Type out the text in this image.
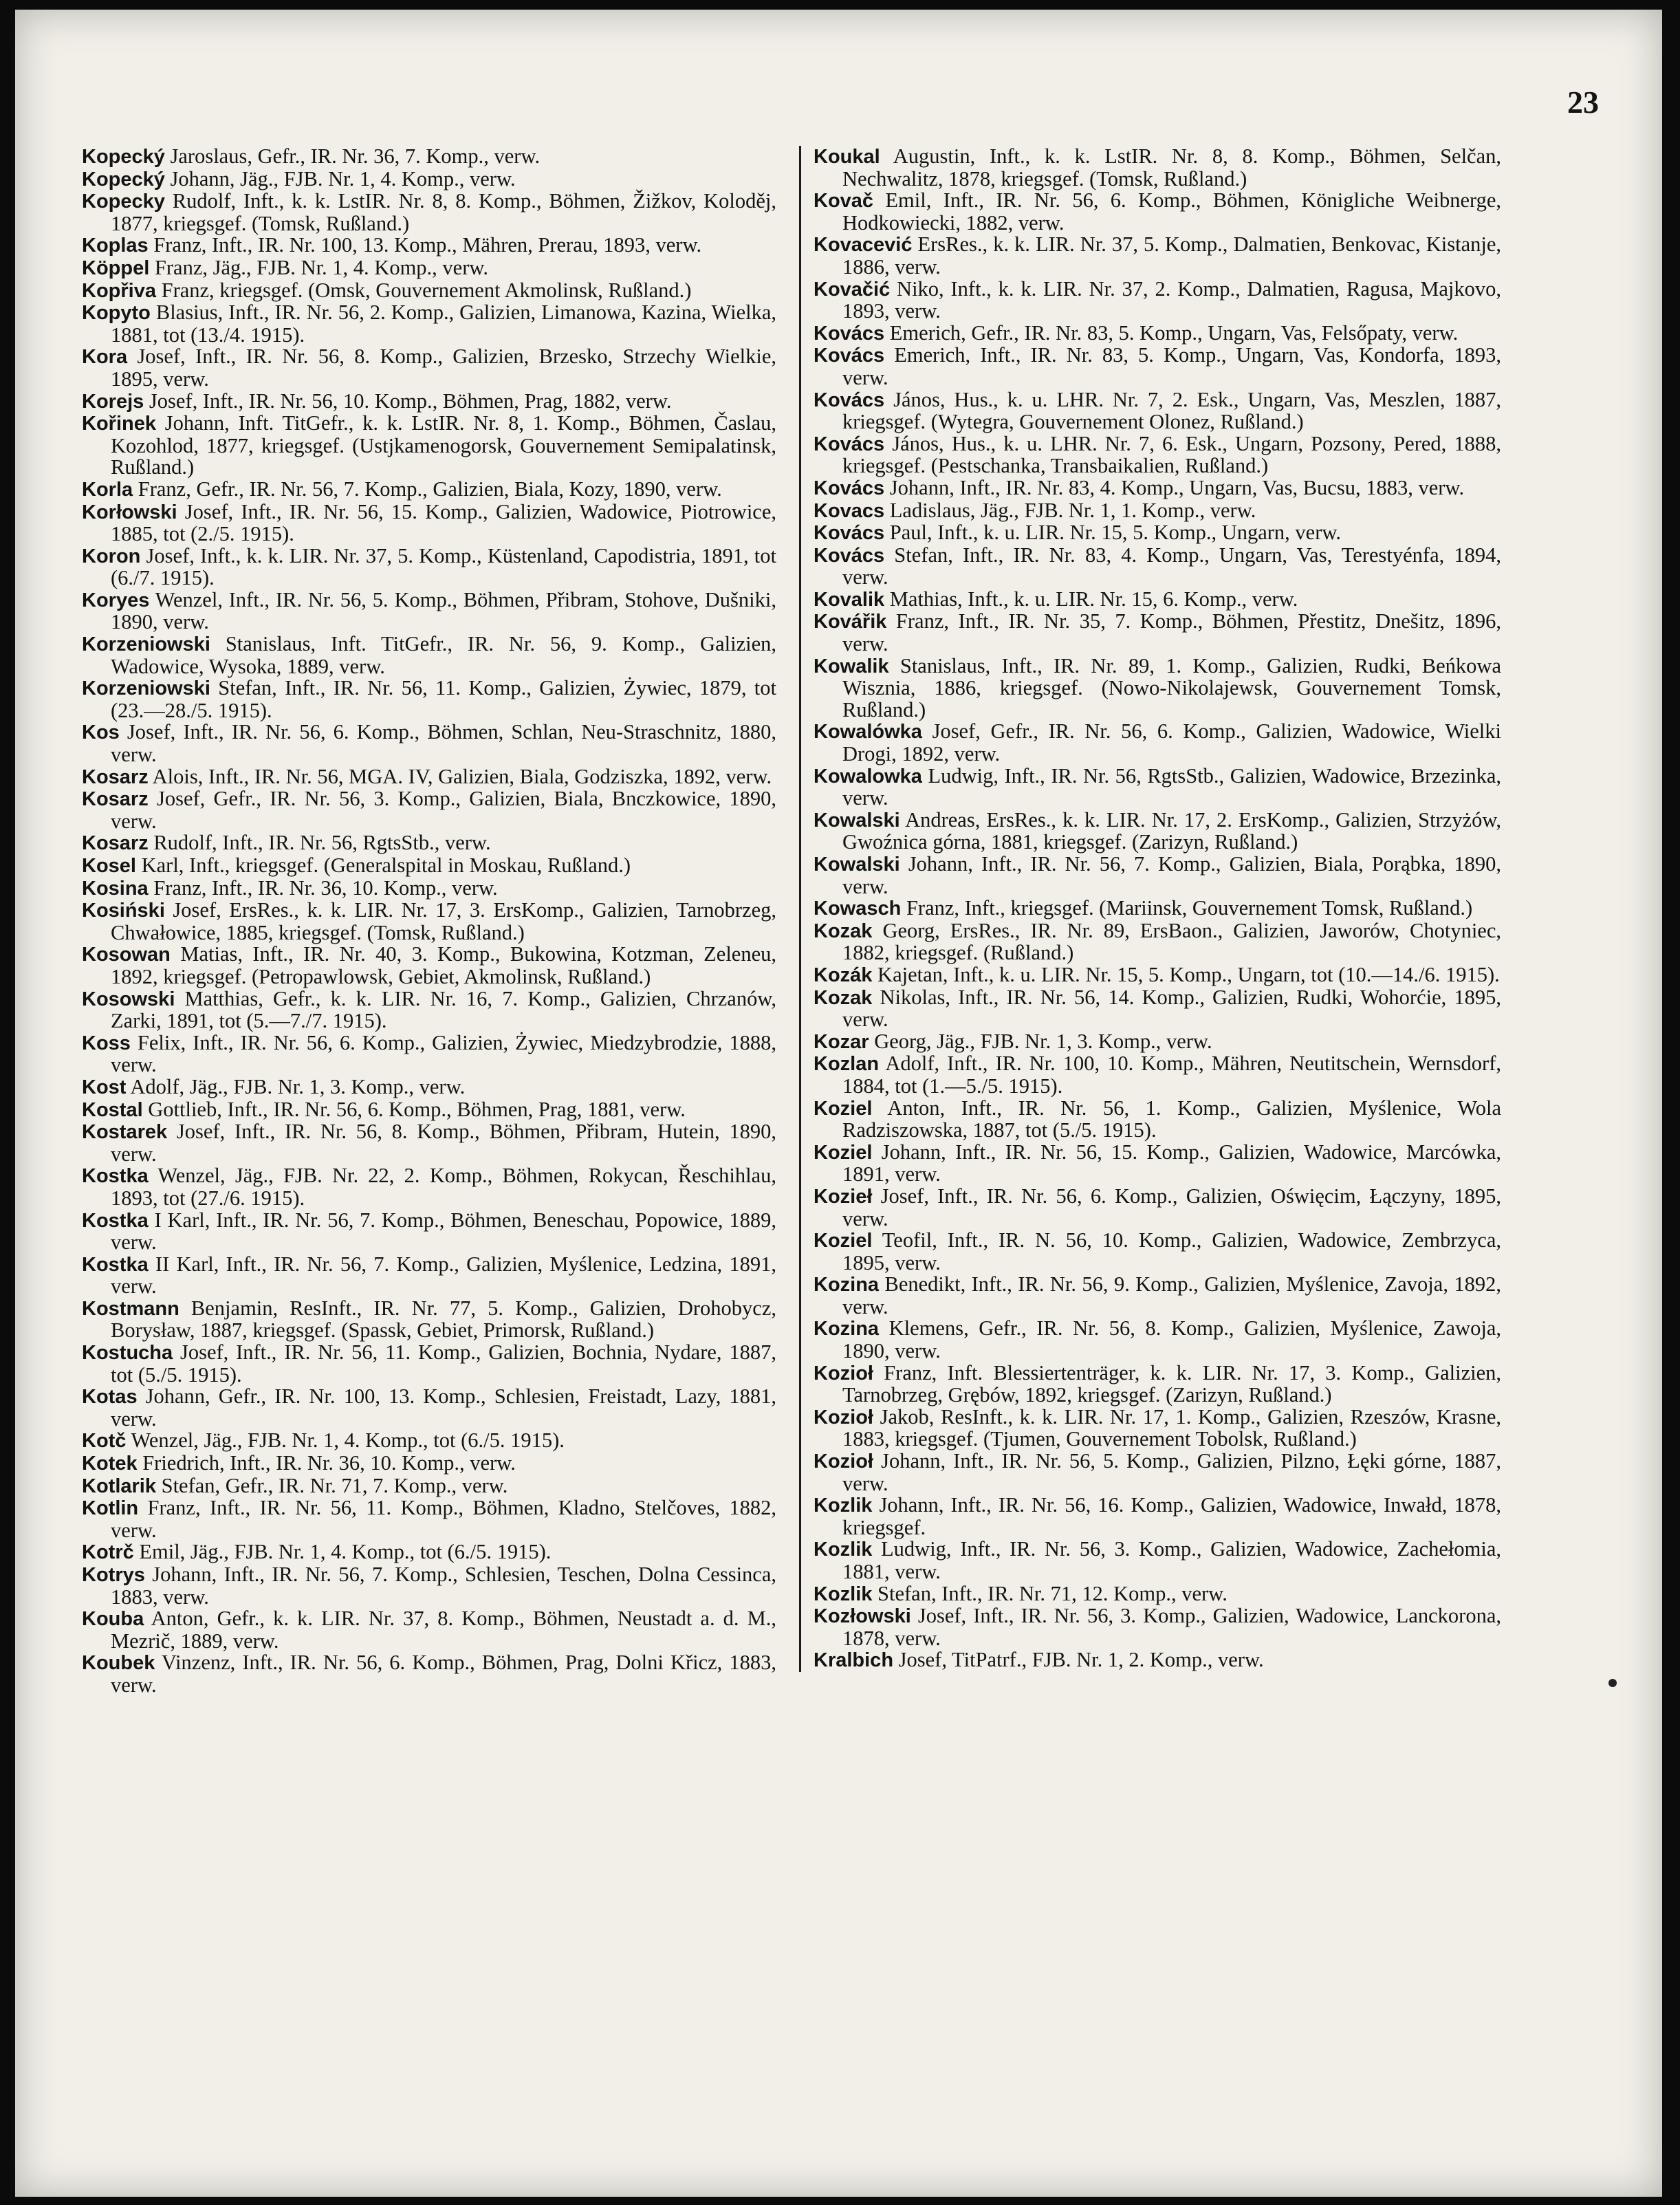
23

Kopecký Jaroslaus, Gefr., IR. Nr. 36, 7. Komp., verw.

Kopecký Johann, Jäg., FJB. Nr. 1, 4. Komp., verw.

Kopecky Rudolf, Inft., k. k. LstIR. Nr. 8, 8. Komp., Böhmen, Žižkov, Koloděj, 1877, kriegsgef. (Tomsk, Rußland.)

Koplas Franz, Inft., IR. Nr. 100, 13. Komp., Mähren, Prerau, 1893, verw.

Köppel Franz, Jäg., FJB. Nr. 1, 4. Komp., verw.

Kopřiva Franz, kriegsgef. (Omsk, Gouvernement Akmolinsk, Rußland.)

Kopyto Blasius, Inft., IR. Nr. 56, 2. Komp., Galizien, Limanowa, Kazina, Wielka, 1881, tot (13./4. 1915).

Kora Josef, Inft., IR. Nr. 56, 8. Komp., Galizien, Brzesko, Strzechy Wielkie, 1895, verw.

Korejs Josef, Inft., IR. Nr. 56, 10. Komp., Böhmen, Prag, 1882, verw.

Kořinek Johann, Inft. TitGefr., k. k. LstIR. Nr. 8, 1. Komp., Böhmen, Časlau, Kozohlod, 1877, kriegsgef. (Ustjkamenogorsk, Gouvernement Semipalatinsk, Rußland.)

Korla Franz, Gefr., IR. Nr. 56, 7. Komp., Galizien, Biala, Kozy, 1890, verw.

Korłowski Josef, Inft., IR. Nr. 56, 15. Komp., Galizien, Wadowice, Piotrowice, 1885, tot (2./5. 1915).

Koron Josef, Inft., k. k. LIR. Nr. 37, 5. Komp., Küstenland, Capodistria, 1891, tot (6./7. 1915).

Koryes Wenzel, Inft., IR. Nr. 56, 5. Komp., Böhmen, Přibram, Stohove, Dušniki, 1890, verw.

Korzeniowski Stanislaus, Inft. TitGefr., IR. Nr. 56, 9. Komp., Galizien, Wadowice, Wysoka, 1889, verw.

Korzeniowski Stefan, Inft., IR. Nr. 56, 11. Komp., Galizien, Żywiec, 1879, tot (23.—28./5. 1915).

Kos Josef, Inft., IR. Nr. 56, 6. Komp., Böhmen, Schlan, Neu-Straschnitz, 1880, verw.

Kosarz Alois, Inft., IR. Nr. 56, MGA. IV, Galizien, Biala, Godziszka, 1892, verw.

Kosarz Josef, Gefr., IR. Nr. 56, 3. Komp., Galizien, Biala, Bnczkowice, 1890, verw.

Kosarz Rudolf, Inft., IR. Nr. 56, RgtsStb., verw.

Kosel Karl, Inft., kriegsgef. (Generalspital in Moskau, Rußland.)

Kosina Franz, Inft., IR. Nr. 36, 10. Komp., verw.

Kosiński Josef, ErsRes., k. k. LIR. Nr. 17, 3. ErsKomp., Galizien, Tarnobrzeg, Chwałowice, 1885, kriegsgef. (Tomsk, Rußland.)

Kosowan Matias, Inft., IR. Nr. 40, 3. Komp., Bukowina, Kotzman, Zeleneu, 1892, kriegsgef. (Petropawlowsk, Gebiet, Akmolinsk, Rußland.)

Kosowski Matthias, Gefr., k. k. LIR. Nr. 16, 7. Komp., Galizien, Chrzanów, Zarki, 1891, tot (5.—7./7. 1915).

Koss Felix, Inft., IR. Nr. 56, 6. Komp., Galizien, Żywiec, Miedzybrodzie, 1888, verw.

Kost Adolf, Jäg., FJB. Nr. 1, 3. Komp., verw.

Kostal Gottlieb, Inft., IR. Nr. 56, 6. Komp., Böhmen, Prag, 1881, verw.

Kostarek Josef, Inft., IR. Nr. 56, 8. Komp., Böhmen, Přibram, Hutein, 1890, verw.

Kostka Wenzel, Jäg., FJB. Nr. 22, 2. Komp., Böhmen, Rokycan, Řeschihlau, 1893, tot (27./6. 1915).

Kostka I Karl, Inft., IR. Nr. 56, 7. Komp., Böhmen, Beneschau, Popowice, 1889, verw.

Kostka II Karl, Inft., IR. Nr. 56, 7. Komp., Galizien, Myślenice, Ledzina, 1891, verw.

Kostmann Benjamin, ResInft., IR. Nr. 77, 5. Komp., Galizien, Drohobycz, Borysław, 1887, kriegsgef. (Spassk, Gebiet, Primorsk, Rußland.)

Kostucha Josef, Inft., IR. Nr. 56, 11. Komp., Galizien, Bochnia, Nydare, 1887, tot (5./5. 1915).

Kotas Johann, Gefr., IR. Nr. 100, 13. Komp., Schlesien, Freistadt, Lazy, 1881, verw.

Kotč Wenzel, Jäg., FJB. Nr. 1, 4. Komp., tot (6./5. 1915).

Kotek Friedrich, Inft., IR. Nr. 36, 10. Komp., verw.

Kotlarik Stefan, Gefr., IR. Nr. 71, 7. Komp., verw.

Kotlin Franz, Inft., IR. Nr. 56, 11. Komp., Böhmen, Kladno, Stelčoves, 1882, verw.

Kotrč Emil, Jäg., FJB. Nr. 1, 4. Komp., tot (6./5. 1915).

Kotrys Johann, Inft., IR. Nr. 56, 7. Komp., Schlesien, Teschen, Dolna Cessinca, 1883, verw.

Kouba Anton, Gefr., k. k. LIR. Nr. 37, 8. Komp., Böhmen, Neustadt a. d. M., Mezrič, 1889, verw.

Koubek Vinzenz, Inft., IR. Nr. 56, 6. Komp., Böhmen, Prag, Dolni Křicz, 1883, verw.

Koukal Augustin, Inft., k. k. LstIR. Nr. 8, 8. Komp., Böhmen, Selčan, Nechwalitz, 1878, kriegsgef. (Tomsk, Rußland.)

Kovač Emil, Inft., IR. Nr. 56, 6. Komp., Böhmen, Königliche Weibnerge, Hodkowiecki, 1882, verw.

Kovacević ErsRes., k. k. LIR. Nr. 37, 5. Komp., Dalmatien, Benkovac, Kistanje, 1886, verw.

Kovačić Niko, Inft., k. k. LIR. Nr. 37, 2. Komp., Dalmatien, Ragusa, Majkovo, 1893, verw.

Kovács Emerich, Gefr., IR. Nr. 83, 5. Komp., Ungarn, Vas, Felsőpaty, verw.

Kovács Emerich, Inft., IR. Nr. 83, 5. Komp., Ungarn, Vas, Kondorfa, 1893, verw.

Kovács János, Hus., k. u. LHR. Nr. 7, 2. Esk., Ungarn, Vas, Meszlen, 1887, kriegsgef. (Wytegra, Gouvernement Olonez, Rußland.)

Kovács János, Hus., k. u. LHR. Nr. 7, 6. Esk., Ungarn, Pozsony, Pered, 1888, kriegsgef. (Pestschanka, Transbaikalien, Rußland.)

Kovács Johann, Inft., IR. Nr. 83, 4. Komp., Ungarn, Vas, Bucsu, 1883, verw.

Kovacs Ladislaus, Jäg., FJB. Nr. 1, 1. Komp., verw.

Kovács Paul, Inft., k. u. LIR. Nr. 15, 5. Komp., Ungarn, verw.

Kovács Stefan, Inft., IR. Nr. 83, 4. Komp., Ungarn, Vas, Terestyénfa, 1894, verw.

Kovalik Mathias, Inft., k. u. LIR. Nr. 15, 6. Komp., verw.

Kovářik Franz, Inft., IR. Nr. 35, 7. Komp., Böhmen, Přestitz, Dnešitz, 1896, verw.

Kowalik Stanislaus, Inft., IR. Nr. 89, 1. Komp., Galizien, Rudki, Beńkowa Wisznia, 1886, kriegsgef. (Nowo-Nikolajewsk, Gouvernement Tomsk, Rußland.)

Kowalówka Josef, Gefr., IR. Nr. 56, 6. Komp., Galizien, Wadowice, Wielki Drogi, 1892, verw.

Kowalowka Ludwig, Inft., IR. Nr. 56, RgtsStb., Galizien, Wadowice, Brzezinka, verw.

Kowalski Andreas, ErsRes., k. k. LIR. Nr. 17, 2. ErsKomp., Galizien, Strzyżów, Gwoźnica górna, 1881, kriegsgef. (Zarizyn, Rußland.)

Kowalski Johann, Inft., IR. Nr. 56, 7. Komp., Galizien, Biala, Porąbka, 1890, verw.

Kowasch Franz, Inft., kriegsgef. (Mariinsk, Gouvernement Tomsk, Rußland.)

Kozak Georg, ErsRes., IR. Nr. 89, ErsBaon., Galizien, Jaworów, Chotyniec, 1882, kriegsgef. (Rußland.)

Kozák Kajetan, Inft., k. u. LIR. Nr. 15, 5. Komp., Ungarn, tot (10.—14./6. 1915).

Kozak Nikolas, Inft., IR. Nr. 56, 14. Komp., Galizien, Rudki, Wohorćie, 1895, verw.

Kozar Georg, Jäg., FJB. Nr. 1, 3. Komp., verw.

Kozlan Adolf, Inft., IR. Nr. 100, 10. Komp., Mähren, Neutitschein, Wernsdorf, 1884, tot (1.—5./5. 1915).

Koziel Anton, Inft., IR. Nr. 56, 1. Komp., Galizien, Myślenice, Wola Radziszowska, 1887, tot (5./5. 1915).

Koziel Johann, Inft., IR. Nr. 56, 15. Komp., Galizien, Wadowice, Marcówka, 1891, verw.

Kozieł Josef, Inft., IR. Nr. 56, 6. Komp., Galizien, Oświęcim, Łączyny, 1895, verw.

Koziel Teofil, Inft., IR. N. 56, 10. Komp., Galizien, Wadowice, Zembrzyca, 1895, verw.

Kozina Benedikt, Inft., IR. Nr. 56, 9. Komp., Galizien, Myślenice, Zavoja, 1892, verw.

Kozina Klemens, Gefr., IR. Nr. 56, 8. Komp., Galizien, Myślenice, Zawoja, 1890, verw.

Kozioł Franz, Inft. Blessiertenträger, k. k. LIR. Nr. 17, 3. Komp., Galizien, Tarnobrzeg, Grębów, 1892, kriegsgef. (Zarizyn, Rußland.)

Kozioł Jakob, ResInft., k. k. LIR. Nr. 17, 1. Komp., Galizien, Rzeszów, Krasne, 1883, kriegsgef. (Tjumen, Gouvernement Tobolsk, Rußland.)

Kozioł Johann, Inft., IR. Nr. 56, 5. Komp., Galizien, Pilzno, Łęki górne, 1887, verw.

Kozlik Johann, Inft., IR. Nr. 56, 16. Komp., Galizien, Wadowice, Inwałd, 1878, kriegsgef.

Kozlik Ludwig, Inft., IR. Nr. 56, 3. Komp., Galizien, Wadowice, Zachełomia, 1881, verw.

Kozlik Stefan, Inft., IR. Nr. 71, 12. Komp., verw.

Kozłowski Josef, Inft., IR. Nr. 56, 3. Komp., Galizien, Wadowice, Lanckorona, 1878, verw.

Kralbich Josef, TitPatrf., FJB. Nr. 1, 2. Komp., verw.
